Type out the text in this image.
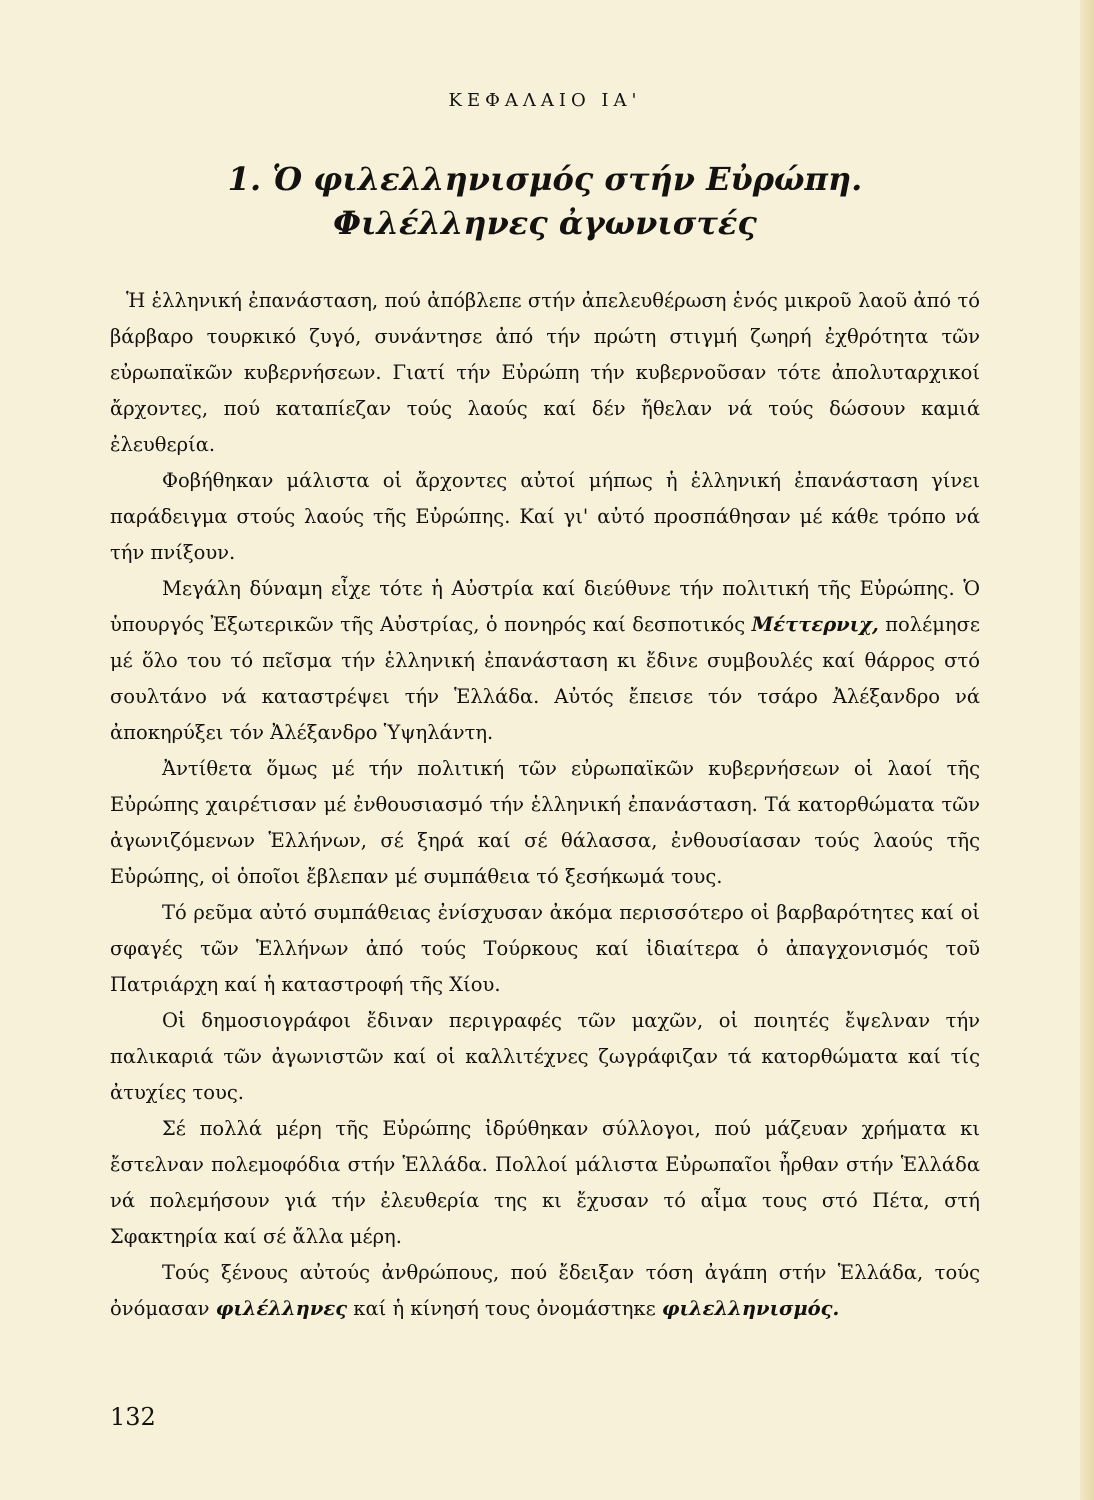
ΚΕΦΑΛΑΙΟ ΙΑ'
1. Ὁ φιλελληνισμός στήν Εὐρώπη.
Φιλέλληνες ἀγωνιστές

Ἡ ἑλληνική ἐπανάσταση, πού ἀπόβλεπε στήν ἀπελευθέρωση ἑνός μικροῦ λαοῦ ἀπό τό βάρβαρο τουρκικό ζυγό, συνάντησε ἀπό τήν πρώτη στιγμή ζωηρή ἐχθρότητα τῶν εὐρωπαϊκῶν κυβερνήσεων. Γιατί τήν Εὐρώπη τήν κυβερνοῦσαν τότε ἀπολυταρχικοί ἄρχοντες, πού καταπίεζαν τούς λαούς καί δέν ἤθελαν νά τούς δώσουν καμιά ἐλευθερία.

Φοβήθηκαν μάλιστα οἱ ἄρχοντες αὐτοί μήπως ἡ ἑλληνική ἐπανάσταση γίνει παράδειγμα στούς λαούς τῆς Εὐρώπης. Καί γι' αὐτό προσπάθησαν μέ κάθε τρόπο νά τήν πνίξουν.

Μεγάλη δύναμη εἶχε τότε ἡ Αὐστρία καί διεύθυνε τήν πολιτική τῆς Εὐρώπης. Ὁ ὑπουργός Ἐξωτερικῶν τῆς Αὐστρίας, ὁ πονηρός καί δεσποτικός Μέττερνιχ, πολέμησε μέ ὅλο του τό πεῖσμα τήν ἑλληνική ἐπανάσταση κι ἔδινε συμβουλές καί θάρρος στό σουλτάνο νά καταστρέψει τήν Ἑλλάδα. Αὐτός ἔπεισε τόν τσάρο Ἀλέξανδρο νά ἀποκηρύξει τόν Ἀλέξανδρο Ὑψηλάντη.

Ἀντίθετα ὅμως μέ τήν πολιτική τῶν εὐρωπαϊκῶν κυβερνήσεων οἱ λαοί τῆς Εὐρώπης χαιρέτισαν μέ ἐνθουσιασμό τήν ἑλληνική ἐπανάσταση. Τά κατορθώματα τῶν ἀγωνιζόμενων Ἑλλήνων, σέ ξηρά καί σέ θάλασσα, ἐνθουσίασαν τούς λαούς τῆς Εὐρώπης, οἱ ὁποῖοι ἔβλεπαν μέ συμπάθεια τό ξεσήκωμά τους.

Τό ρεῦμα αὐτό συμπάθειας ἐνίσχυσαν ἀκόμα περισσότερο οἱ βαρβαρότητες καί οἱ σφαγές τῶν Ἑλλήνων ἀπό τούς Τούρκους καί ἰδιαίτερα ὁ ἀπαγχονισμός τοῦ Πατριάρχη καί ἡ καταστροφή τῆς Χίου.

Οἱ δημοσιογράφοι ἔδιναν περιγραφές τῶν μαχῶν, οἱ ποιητές ἔψελναν τήν παλικαριά τῶν ἀγωνιστῶν καί οἱ καλλιτέχνες ζωγράφιζαν τά κατορθώματα καί τίς ἀτυχίες τους.

Σέ πολλά μέρη τῆς Εὐρώπης ἱδρύθηκαν σύλλογοι, πού μάζευαν χρήματα κι ἔστελναν πολεμοφόδια στήν Ἑλλάδα. Πολλοί μάλιστα Εὐρωπαῖοι ἦρθαν στήν Ἑλλάδα νά πολεμήσουν γιά τήν ἐλευθερία της κι ἔχυσαν τό αἷμα τους στό Πέτα, στή Σφακτηρία καί σέ ἄλλα μέρη.

Τούς ξένους αὐτούς ἀνθρώπους, πού ἔδειξαν τόση ἀγάπη στήν Ἑλλάδα, τούς ὀνόμασαν φιλέλληνες καί ἡ κίνησή τους ὀνομάστηκε φιλελληνισμός.

132
